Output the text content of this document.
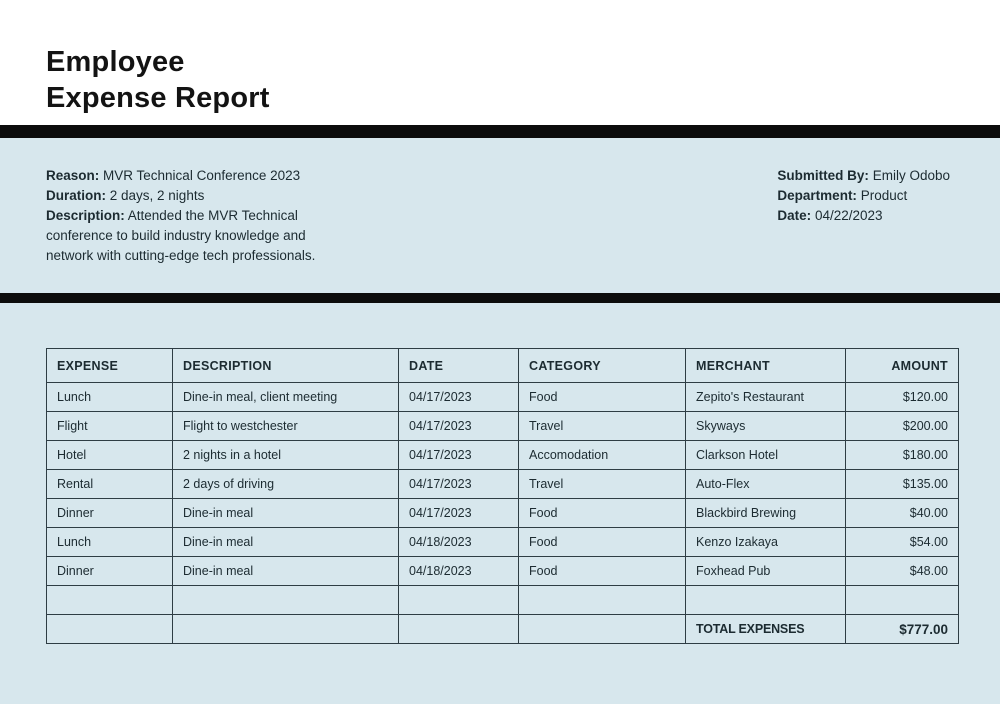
Employee
Expense Report

Reason: MVR Technical Conference 2023

Duration: 2 days, 2 nights

Description: Attended the MVR Technical conference to build industry knowledge and network with cutting-edge tech professionals.

Submitted By: Emily Odobo

Department: Product

Date: 04/22/2023

EXPENSE	DESCRIPTION	DATE	CATEGORY	MERCHANT	AMOUNT
Lunch	Dine-in meal, client meeting	04/17/2023	Food	Zepito's Restaurant	$120.00
Flight	Flight to westchester	04/17/2023	Travel	Skyways	$200.00
Hotel	2 nights in a hotel	04/17/2023	Accomodation	Clarkson Hotel	$180.00
Rental	2 days of driving	04/17/2023	Travel	Auto-Flex	$135.00
Dinner	Dine-in meal	04/17/2023	Food	Blackbird Brewing	$40.00
Lunch	Dine-in meal	04/18/2023	Food	Kenzo Izakaya	$54.00
Dinner	Dine-in meal	04/18/2023	Food	Foxhead Pub	$48.00

				TOTAL EXPENSES	$777.00
